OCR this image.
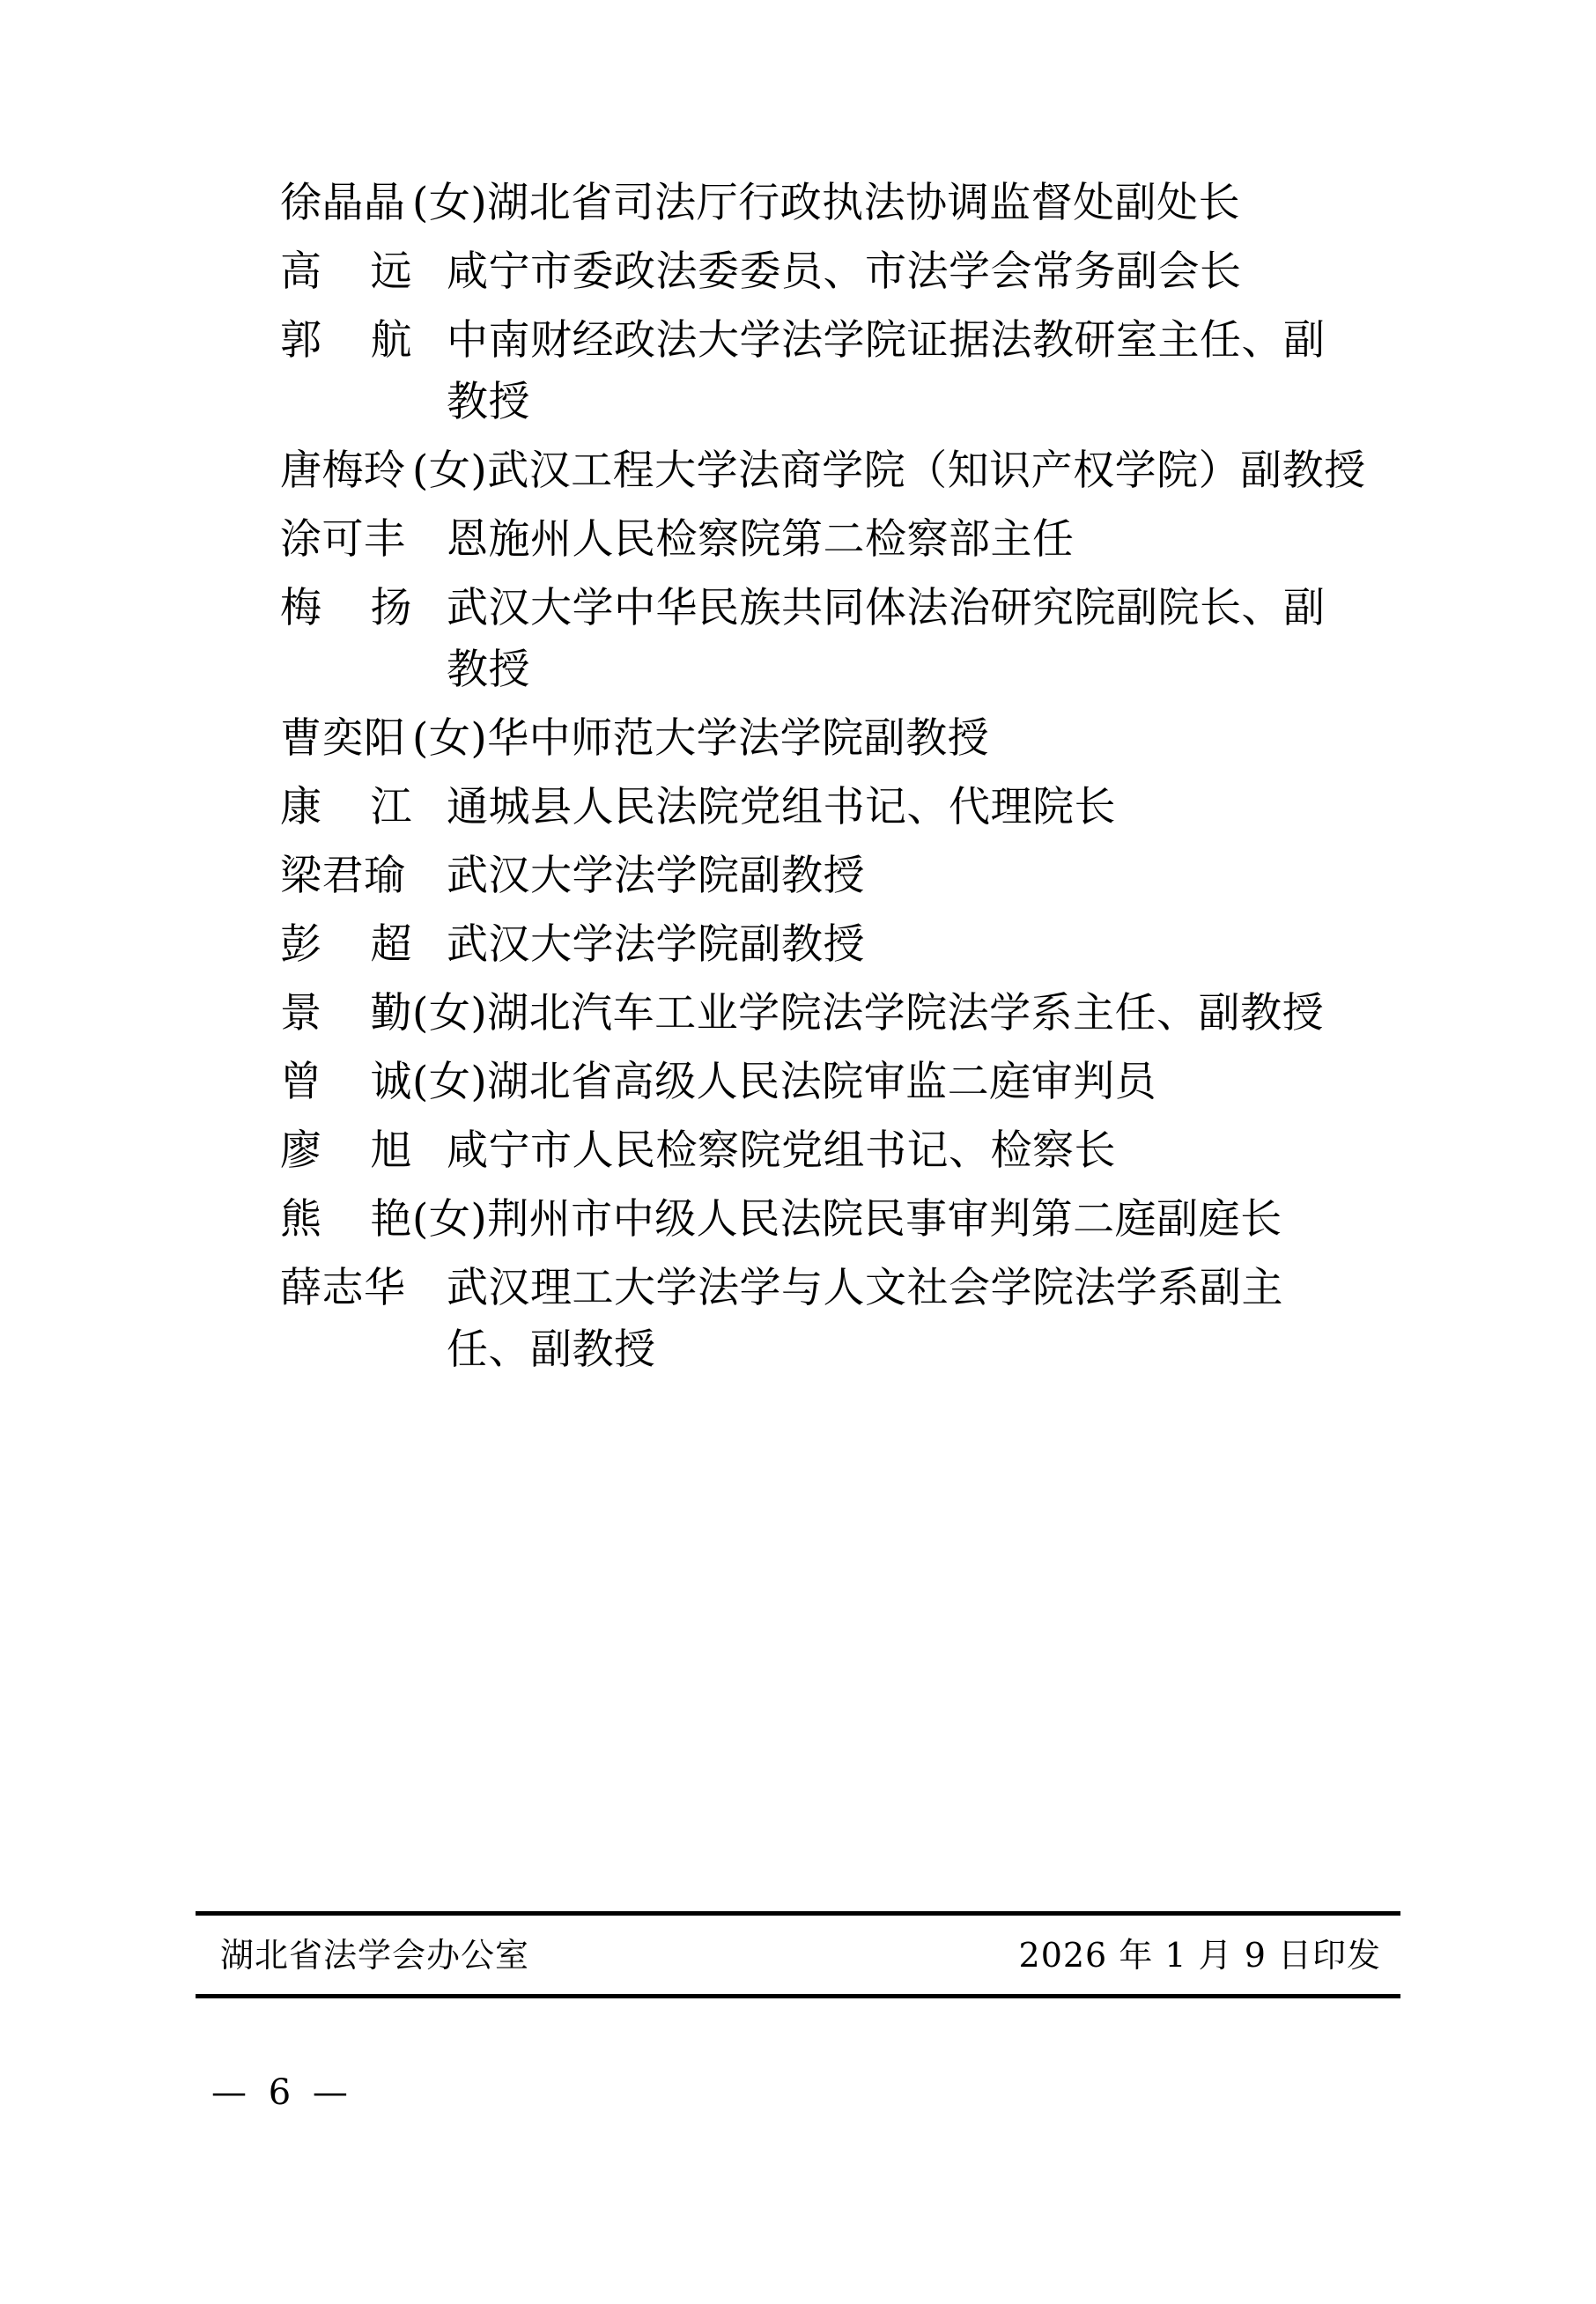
徐晶晶 (女) 湖北省司法厅行政执法协调监督处副处长
高 远 咸宁市委政法委委员、市法学会常务副会长
郭 航 中南财经政法大学法学院证据法教研室主任、副
教授
唐梅玲 (女) 武汉工程大学法商学院（知识产权学院）副教授
涂可丰 恩施州人民检察院第二检察部主任
梅 扬 武汉大学中华民族共同体法治研究院副院长、副
教授
曹奕阳 (女) 华中师范大学法学院副教授
康 江 通城县人民法院党组书记、代理院长
梁君瑜 武汉大学法学院副教授
彭 超 武汉大学法学院副教授
景 勤 (女) 湖北汽车工业学院法学院法学系主任、副教授
曾 诚 (女) 湖北省高级人民法院审监二庭审判员
廖 旭 咸宁市人民检察院党组书记、检察长
熊 艳 (女) 荆州市中级人民法院民事审判第二庭副庭长
薛志华 武汉理工大学法学与人文社会学院法学系副主
任、副教授
湖北省法学会办公室	2026 年 1 月 9 日印发
— 6 —
